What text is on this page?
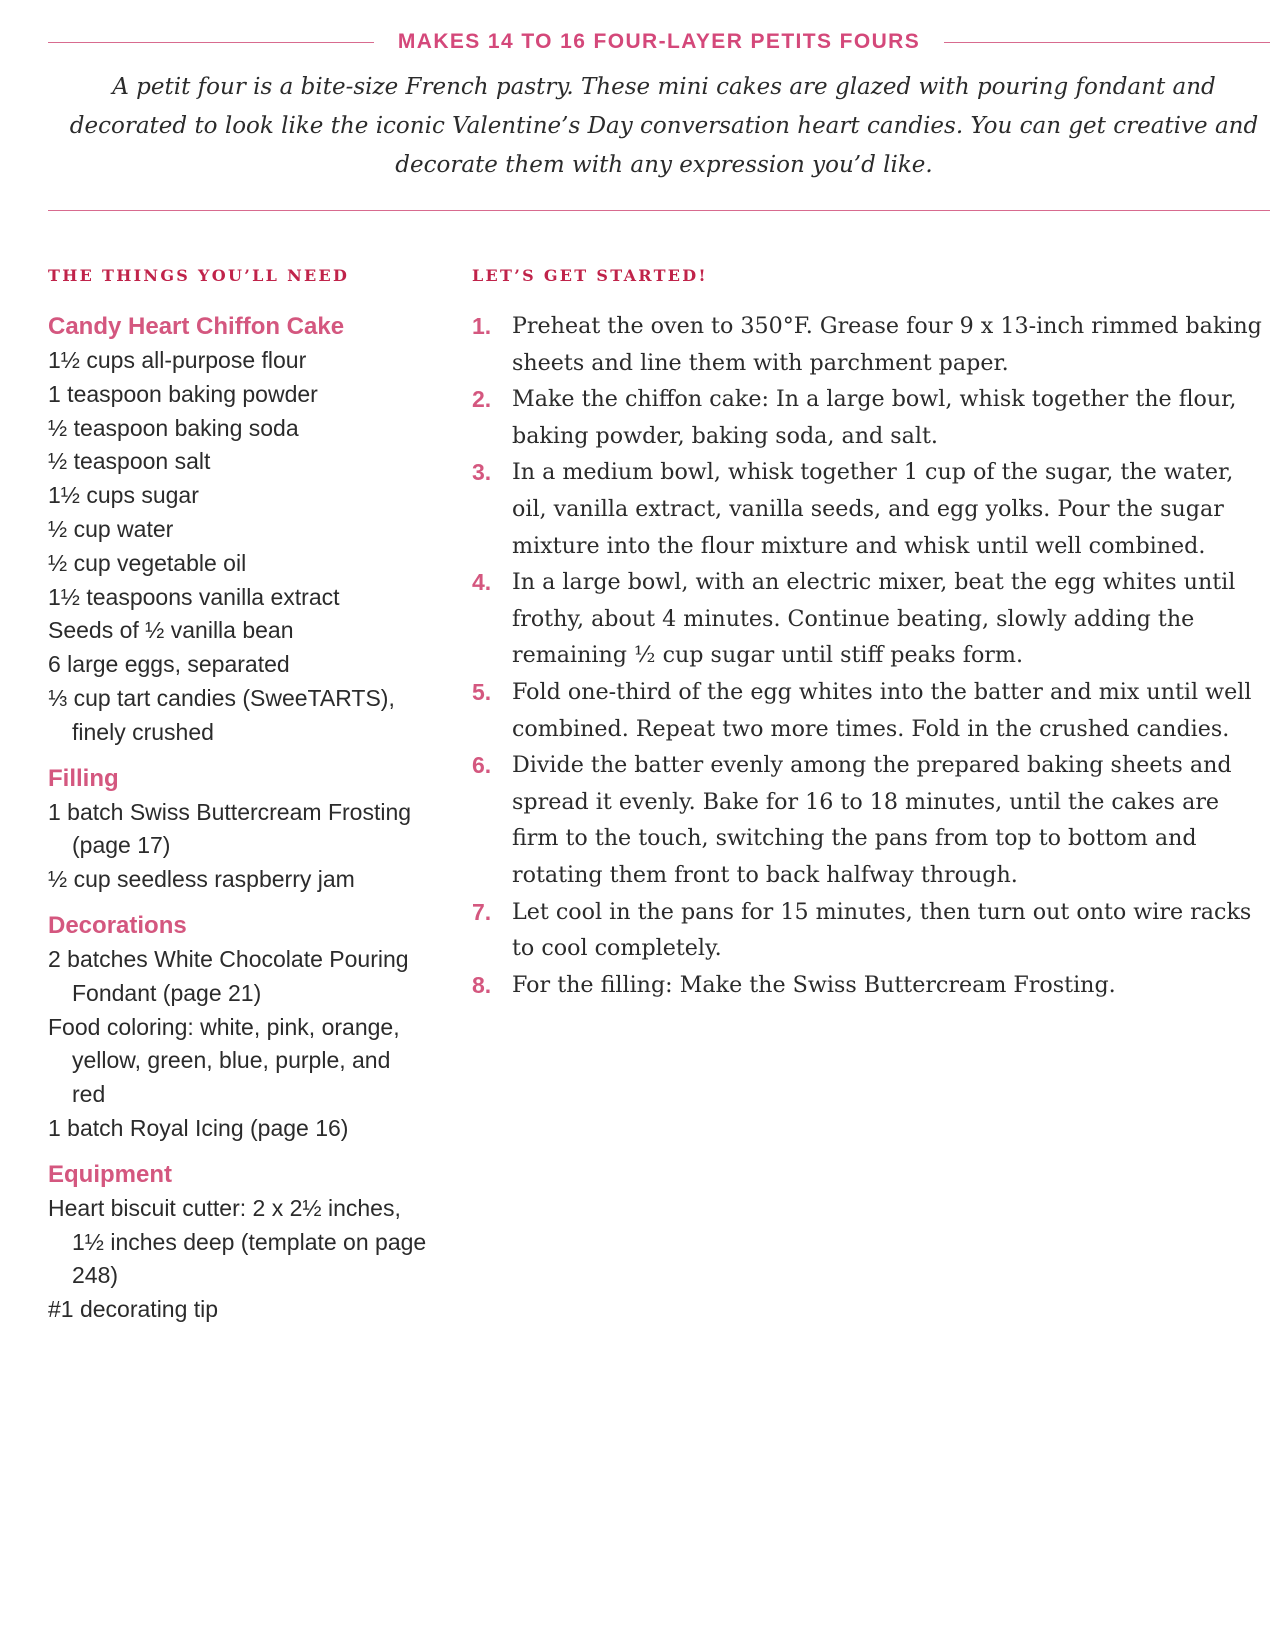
MAKES 14 TO 16 FOUR-LAYER PETITS FOURS

A petit four is a bite-size French pastry. These mini cakes are glazed with pouring fondant and decorated to look like the iconic Valentine’s Day conversation heart candies. You can get creative and decorate them with any expression you’d like.

THE THINGS YOU’LL NEED
Candy Heart Chiffon Cake
1½ cups all-purpose flour
1 teaspoon baking powder
½ teaspoon baking soda
½ teaspoon salt
1½ cups sugar
½ cup water
½ cup vegetable oil
1½ teaspoons vanilla extract
Seeds of ½ vanilla bean
6 large eggs, separated
⅓ cup tart candies (SweeTARTS), finely crushed
Filling
1 batch Swiss Buttercream Frosting (page 17)
½ cup seedless raspberry jam
Decorations
2 batches White Chocolate Pouring Fondant (page 21)
Food coloring: white, pink, orange, yellow, green, blue, purple, and red
1 batch Royal Icing (page 16)
Equipment
Heart biscuit cutter: 2 x 2½ inches, 1½ inches deep (template on page 248)
#1 decorating tip
LET’S GET STARTED!
1. Preheat the oven to 350°F. Grease four 9 x 13-inch rimmed baking sheets and line them with parchment paper.
2. Make the chiffon cake: In a large bowl, whisk together the flour, baking powder, baking soda, and salt.
3. In a medium bowl, whisk together 1 cup of the sugar, the water, oil, vanilla extract, vanilla seeds, and egg yolks. Pour the sugar mixture into the flour mixture and whisk until well combined.
4. In a large bowl, with an electric mixer, beat the egg whites until frothy, about 4 minutes. Continue beating, slowly adding the remaining ½ cup sugar until stiff peaks form.
5. Fold one-third of the egg whites into the batter and mix until well combined. Repeat two more times. Fold in the crushed candies.
6. Divide the batter evenly among the prepared baking sheets and spread it evenly. Bake for 16 to 18 minutes, until the cakes are firm to the touch, switching the pans from top to bottom and rotating them front to back halfway through.
7. Let cool in the pans for 15 minutes, then turn out onto wire racks to cool completely.
8. For the filling: Make the Swiss Buttercream Frosting.
